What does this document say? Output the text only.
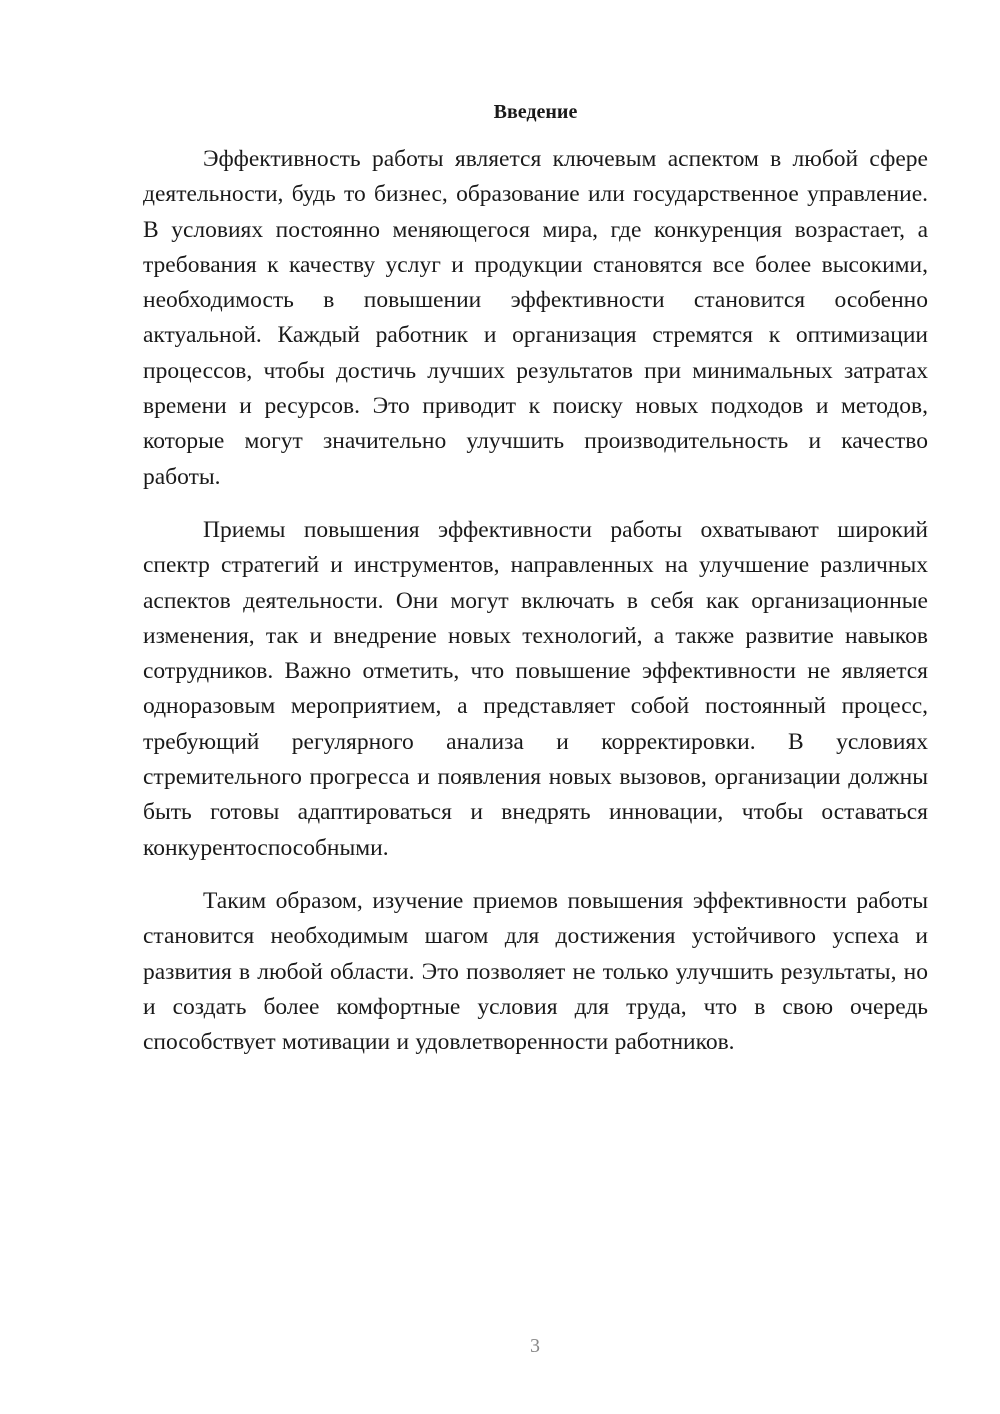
Введение

Эффективность работы является ключевым аспектом в любой сфере деятельности, будь то бизнес, образование или государственное управление. В условиях постоянно меняющегося мира, где конкуренция возрастает, а требования к качеству услуг и продукции становятся все более высокими, необходимость в повышении эффективности становится особенно актуальной. Каждый работник и организация стремятся к оптимизации процессов, чтобы достичь лучших результатов при минимальных затратах времени и ресурсов. Это приводит к поиску новых подходов и методов, которые могут значительно улучшить производительность и качество работы.

Приемы повышения эффективности работы охватывают широкий спектр стратегий и инструментов, направленных на улучшение различных аспектов деятельности. Они могут включать в себя как организационные изменения, так и внедрение новых технологий, а также развитие навыков сотрудников. Важно отметить, что повышение эффективности не является одноразовым мероприятием, а представляет собой постоянный процесс, требующий регулярного анализа и корректировки. В условиях стремительного прогресса и появления новых вызовов, организации должны быть готовы адаптироваться и внедрять инновации, чтобы оставаться конкурентоспособными.

Таким образом, изучение приемов повышения эффективности работы становится необходимым шагом для достижения устойчивого успеха и развития в любой области. Это позволяет не только улучшить результаты, но и создать более комфортные условия для труда, что в свою очередь способствует мотивации и удовлетворенности работников.

3
